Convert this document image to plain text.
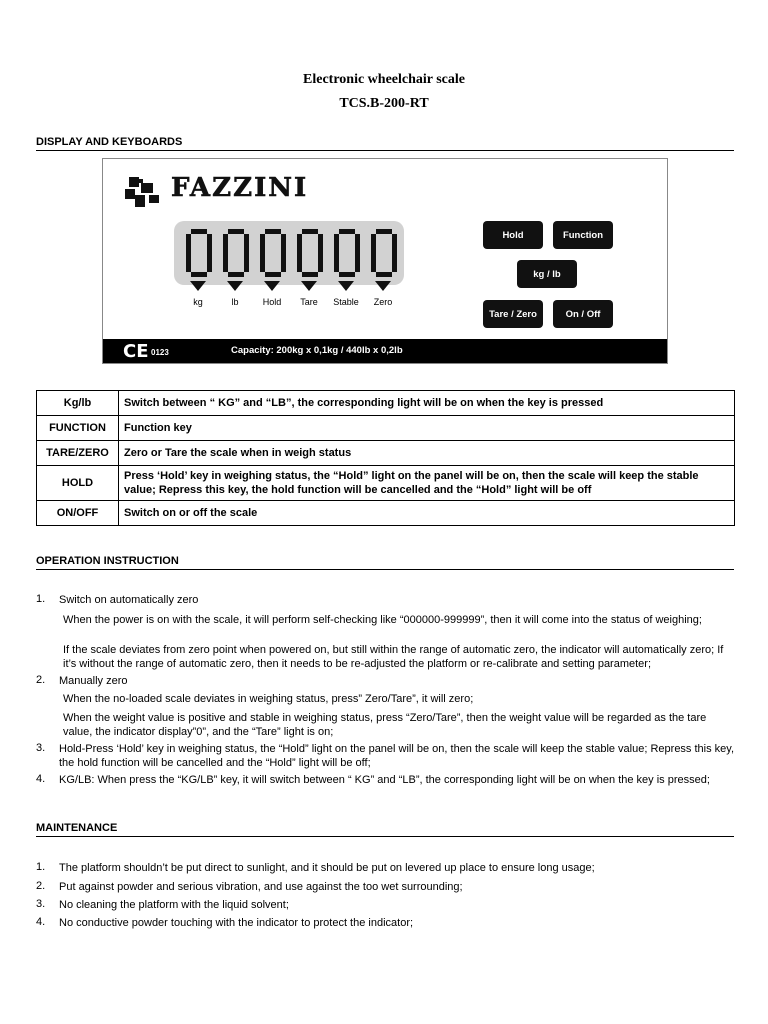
Electronic wheelchair scale
TCS.B-200-RT
DISPLAY AND KEYBOARDS
FAZZINI
Hold	Function
kg / lb
Tare / Zero	On / Off
CE 0123	Capacity: 200kg x 0,1kg / 440lb x 0,2lb
kg	lb	Hold	Tare	Stable	Zero
Kg/lb	Switch between “ KG” and “LB”, the corresponding light will be on when the key is pressed
FUNCTION	Function key
TARE/ZERO	Zero or Tare the scale when in weigh status
HOLD	Press ‘Hold’ key in weighing status, the “Hold” light on the panel will be on, then the scale will keep the stable value; Repress this key, the hold function will be cancelled and the “Hold” light will be off
ON/OFF	Switch on or off the scale
OPERATION INSTRUCTION
1. Switch on automatically zero
When the power is on with the scale, it will perform self-checking like “000000-999999”, then it will come into the status of weighing;
If the scale deviates from zero point when powered on, but still within the range of automatic zero, the indicator will automatically zero; If it’s without the range of automatic zero, then it needs to be re-adjusted the platform or re-calibrate and setting parameter;
2. Manually zero
When the no-loaded scale deviates in weighing status, press” Zero/Tare”, it will zero;
When the weight value is positive and stable in weighing status, press “Zero/Tare”, then the weight value will be regarded as the tare value, the indicator display”0”, and the “Tare” light is on;
3. Hold-Press ‘Hold’ key in weighing status, the “Hold” light on the panel will be on, then the scale will keep the stable value; Repress this key, the hold function will be cancelled and the “Hold” light will be off;
4. KG/LB: When press the “KG/LB” key, it will switch between “ KG” and “LB”, the corresponding light will be on when the key is pressed;
MAINTENANCE
1. The platform shouldn’t be put direct to sunlight, and it should be put on levered up place to ensure long usage;
2. Put against powder and serious vibration, and use against the too wet surrounding;
3. No cleaning the platform with the liquid solvent;
4. No conductive powder touching with the indicator to protect the indicator;
